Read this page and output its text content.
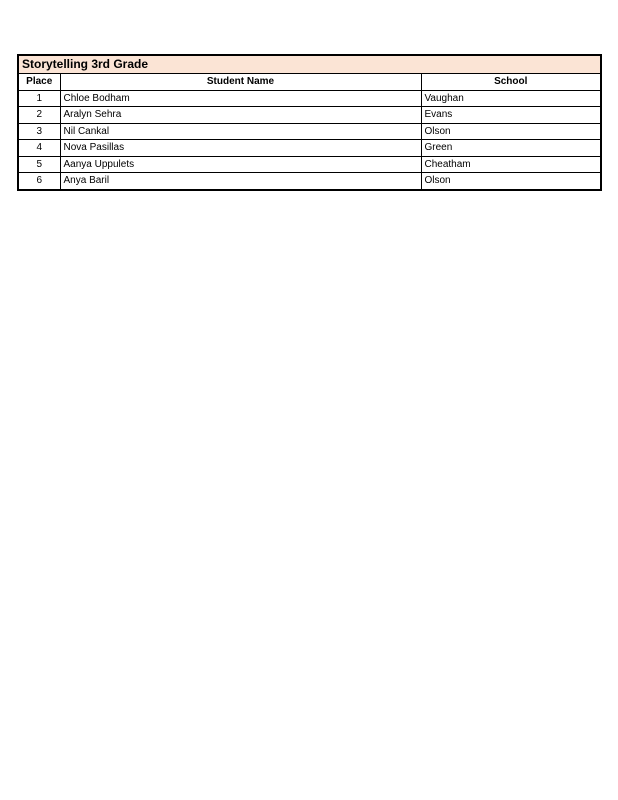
Storytelling 3rd Grade		
Place	Student Name	School
1	Chloe Bodham	Vaughan
2	Aralyn Sehra	Evans
3	Nil Cankal	Olson
4	Nova Pasillas	Green
5	Aanya Uppulets	Cheatham
6	Anya Baril	Olson
